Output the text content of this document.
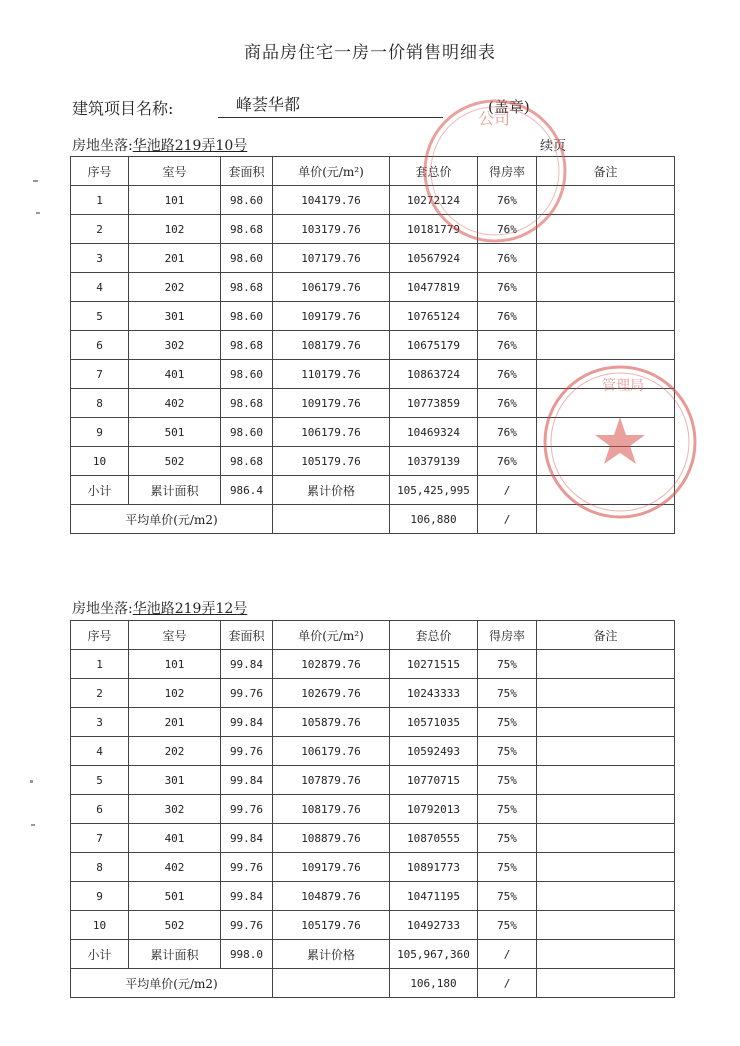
商品房住宅一房一价销售明细表
建筑项目名称:	峰荟华都	(盖章)
房地坐落:华池路219弄10号	续页
序号	室号	套面积	单价(元/m²)	套总价	得房率	备注
1	101	98.60	104179.76	10272124	76%	
2	102	98.68	103179.76	10181779	76%	
3	201	98.60	107179.76	10567924	76%	
4	202	98.68	106179.76	10477819	76%	
5	301	98.60	109179.76	10765124	76%	
6	302	98.68	108179.76	10675179	76%	
7	401	98.60	110179.76	10863724	76%	
8	402	98.68	109179.76	10773859	76%	
9	501	98.60	106179.76	10469324	76%	
10	502	98.68	105179.76	10379139	76%	
小计	累计面积	986.4	累计价格	105,425,995	/	
平均单价(元/m2)				106,880	/	
房地坐落:华池路219弄12号
序号	室号	套面积	单价(元/m²)	套总价	得房率	备注
1	101	99.84	102879.76	10271515	75%	
2	102	99.76	102679.76	10243333	75%	
3	201	99.84	105879.76	10571035	75%	
4	202	99.76	106179.76	10592493	75%	
5	301	99.84	107879.76	10770715	75%	
6	302	99.76	108179.76	10792013	75%	
7	401	99.84	108879.76	10870555	75%	
8	402	99.76	109179.76	10891773	75%	
9	501	99.84	104879.76	10471195	75%	
10	502	99.76	105179.76	10492733	75%	
小计	累计面积	998.0	累计价格	105,967,360	/	
平均单价(元/m2)				106,180	/	
公司
管理局
